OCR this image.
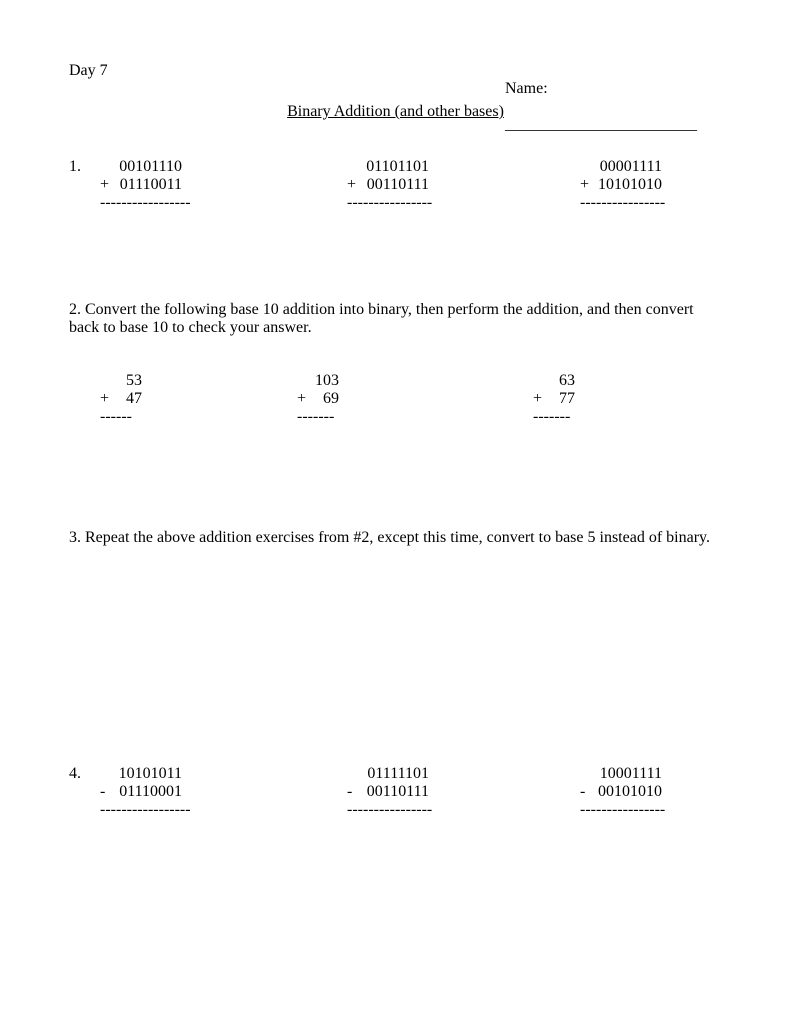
Day 7

Name:

________________________

Binary Addition (and other bases)
1.	00101110
+ 01110011
-----------------
01101101
+ 00110111
----------------
00001111
+ 10101010
----------------
2. Convert the following base 10 addition into binary, then perform the addition, and then convert back to base 10 to check your answer.
53
+ 47
------
103
+ 69
-------
63
+ 77
-------
3. Repeat the above addition exercises from #2, except this time, convert to base 5 instead of binary.
4.	10101011
- 01110001
-----------------
01111101
- 00110111
----------------
10001111
- 00101010
----------------
